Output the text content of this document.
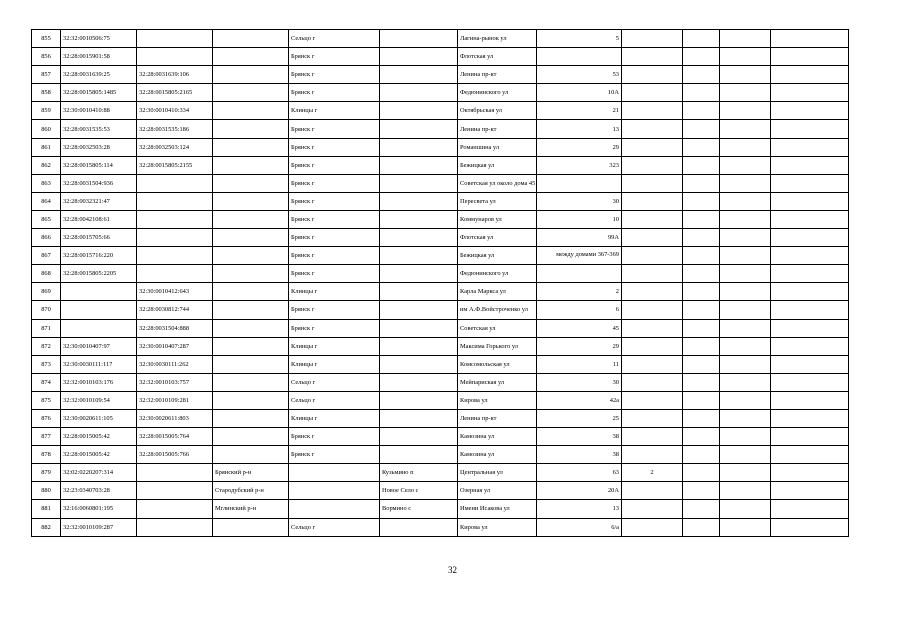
855	32:32:0010506:75			Сельцо г		Лагина-рынок ул	5				
856	32:28:0015901:58			Брянск г		Флотская ул					
857	32:28:0031639:25	32:28:0031639:106		Брянск г		Ленина пр-кт	53				
858	32:28:0015805:1485	32:28:0015805:2165		Брянск г		Федюнинского ул	10А				
859	32:30:0010410:88	32:30:0010410:334		Клинцы г		Октябрьская ул	21				
860	32:28:0031535:53	32:28:0031535:186		Брянск г		Ленина пр-кт	13				
861	32:28:0032503:28	32:28:0032503:124		Брянск г		Романшина ул	29				
862	32:28:0015805:114	32:28:0015805:2155		Брянск г		Бежицкая ул	323				
863	32:28:0031504:936			Брянск г		Советская ул около дома 45					
864	32:28:0032321:47			Брянск г		Пересвета ул	30				
865	32:28:0042108:61			Брянск г		Коммунаров ул	10				
866	32:28:0015705:66			Брянск г		Флотская ул	99А				
867	32:28:0015716:220			Брянск г		Бежицкая ул	между домами 367-369				
868	32:28:0015805:2205			Брянск г		Федюнинского ул					
869		32:30:0010412:643		Клинцы г		Карла Маркса ул	2				
870		32:28:0030812:744		Брянск г		им А.Ф.Войстроченко ул	6				
871		32:28:0031504:888		Брянск г		Советская ул	45				
872	32:30:0010407:97	32:30:0010407:287		Клинцы г		Максима Горького ул	29				
873	32:30:0030111:117	32:30:0030111:262		Клинцы г		Комсомольская ул	11				
874	32:32:0010103:176	32:32:0010103:757		Сельцо г		Мейпариская ул	30				
875	32:32:0010109:54	32:32:0010109:281		Сельцо г		Кирова ул	42а				
876	32:30:0020611:105	32:30:0020611:803		Клинцы г		Ленина пр-кт	25				
877	32:28:0015005:42	32:28:0015005:764		Брянск г		Камозина ул	38				
878	32:28:0015005:42	32:28:0015005:766		Брянск г		Камозина ул	38				
879	32:02:0220207:314		Брянский р-н		Кузьмино п	Центральная ул	63	2			
880	32:23:0340703:28		Стародубский р-н		Новое Село с	Озерная ул	20А				
881	32:16:0060801:195		Мглинский р-н		Вормино с	Имени Исакова ул	13				
882	32:32:0010109:287			Сельцо г		Кирова ул	6/а				
32
